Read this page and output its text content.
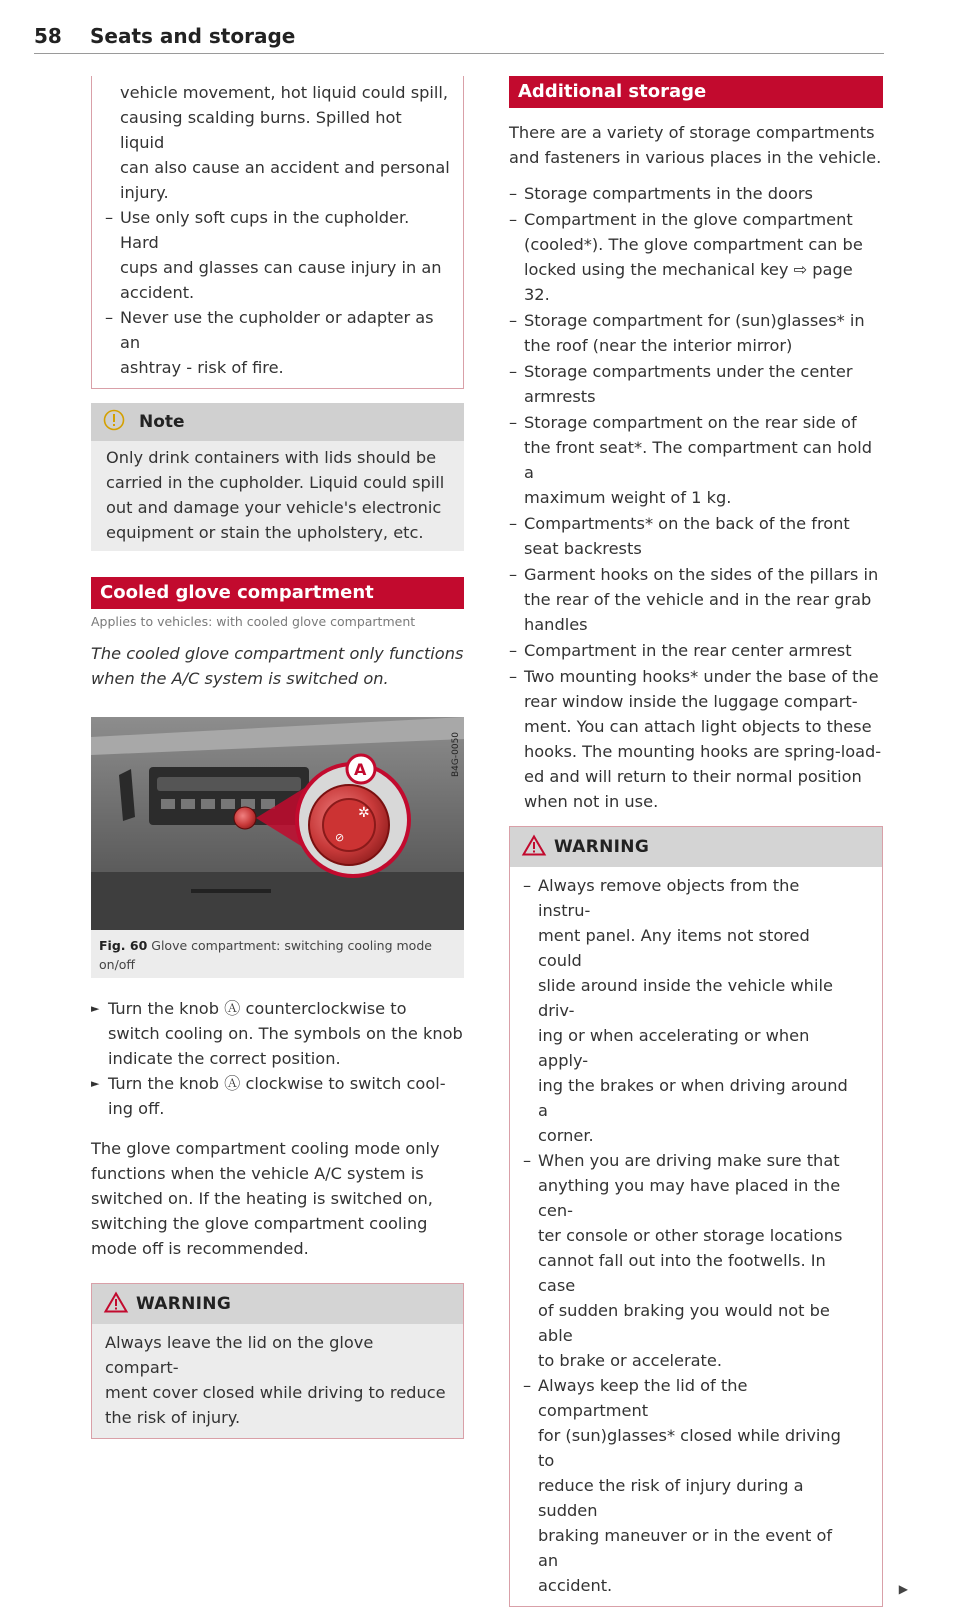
58 Seats and storage
vehicle movement, hot liquid could spill,
causing scalding burns. Spilled hot liquid
can also cause an accident and personal
injury.
– Use only soft cups in the cupholder. Hard
cups and glasses can cause injury in an
accident.
– Never use the cupholder or adapter as an
ashtray - risk of fire.
Note
Only drink containers with lids should be
carried in the cupholder. Liquid could spill
out and damage your vehicle's electronic
equipment or stain the upholstery, etc.
Cooled glove compartment
Applies to vehicles: with cooled glove compartment
The cooled glove compartment only functions
when the A/C system is switched on.
✲
⊘
A	B4G-0050
Fig. 60 Glove compartment: switching cooling mode
on/off
► Turn the knob Ⓐ counterclockwise to
switch cooling on. The symbols on the knob
indicate the correct position.
► Turn the knob Ⓐ clockwise to switch cool-
ing off.
The glove compartment cooling mode only
functions when the vehicle A/C system is
switched on. If the heating is switched on,
switching the glove compartment cooling
mode off is recommended.
WARNING
Always leave the lid on the glove compart-
ment cover closed while driving to reduce
the risk of injury.
Additional storage
There are a variety of storage compartments
and fasteners in various places in the vehicle.
– Storage compartments in the doors
– Compartment in the glove compartment
(cooled*). The glove compartment can be
locked using the mechanical key ⇨ page 32.
– Storage compartment for (sun)glasses* in
the roof (near the interior mirror)
– Storage compartments under the center
armrests
– Storage compartment on the rear side of
the front seat*. The compartment can hold a
maximum weight of 1 kg.
– Compartments* on the back of the front
seat backrests
– Garment hooks on the sides of the pillars in
the rear of the vehicle and in the rear grab
handles
– Compartment in the rear center armrest
– Two mounting hooks* under the base of the
rear window inside the luggage compart-
ment. You can attach light objects to these
hooks. The mounting hooks are spring-load-
ed and will return to their normal position
when not in use.
WARNING
– Always remove objects from the instru-
ment panel. Any items not stored could
slide around inside the vehicle while driv-
ing or when accelerating or when apply-
ing the brakes or when driving around a
corner.
– When you are driving make sure that
anything you may have placed in the cen-
ter console or other storage locations
cannot fall out into the footwells. In case
of sudden braking you would not be able
to brake or accelerate.
– Always keep the lid of the compartment
for (sun)glasses* closed while driving to
reduce the risk of injury during a sudden
braking maneuver or in the event of an
accident.	▶
